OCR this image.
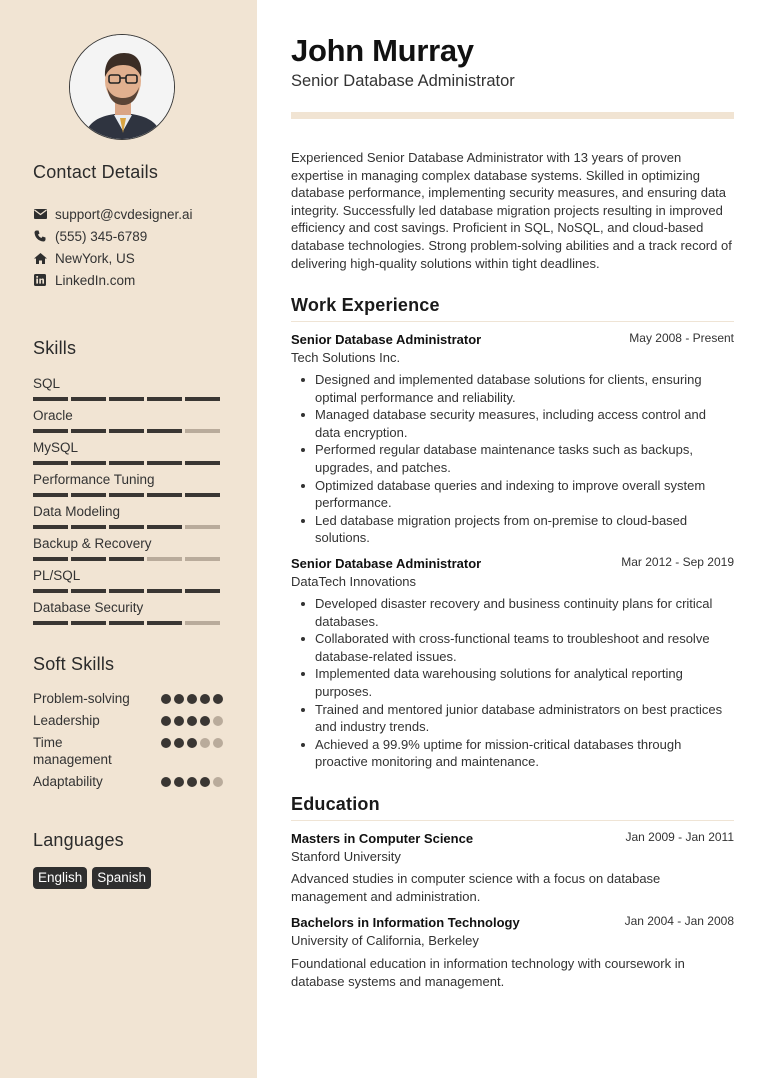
Contact Details
support@cvdesigner.ai
(555) 345-6789
NewYork, US
LinkedIn.com
Skills
SQL
Oracle
MySQL
Performance Tuning
Data Modeling
Backup & Recovery
PL/SQL
Database Security
Soft Skills
Problem-solving
Leadership
Time management
Adaptability
Languages
English	Spanish
John Murray
Senior Database Administrator

Experienced Senior Database Administrator with 13 years of proven expertise in managing complex database systems. Skilled in optimizing database performance, implementing security measures, and ensuring data integrity. Successfully led database migration projects resulting in improved efficiency and cost savings. Proficient in SQL, NoSQL, and cloud-based database technologies. Strong problem-solving abilities and a track record of delivering high-quality solutions within tight deadlines.

Work Experience
Senior Database Administrator	May 2008 - Present
Tech Solutions Inc.
Designed and implemented database solutions for clients, ensuring optimal performance and reliability.
Managed database security measures, including access control and data encryption.
Performed regular database maintenance tasks such as backups, upgrades, and patches.
Optimized database queries and indexing to improve overall system performance.
Led database migration projects from on-premise to cloud-based solutions.
Senior Database Administrator	Mar 2012 - Sep 2019
DataTech Innovations
Developed disaster recovery and business continuity plans for critical databases.
Collaborated with cross-functional teams to troubleshoot and resolve database-related issues.
Implemented data warehousing solutions for analytical reporting purposes.
Trained and mentored junior database administrators on best practices and industry trends.
Achieved a 99.9% uptime for mission-critical databases through proactive monitoring and maintenance.
Education
Masters in Computer Science	Jan 2009 - Jan 2011
Stanford University

Advanced studies in computer science with a focus on database management and administration.

Bachelors in Information Technology	Jan 2004 - Jan 2008
University of California, Berkeley

Foundational education in information technology with coursework in database systems and management.
